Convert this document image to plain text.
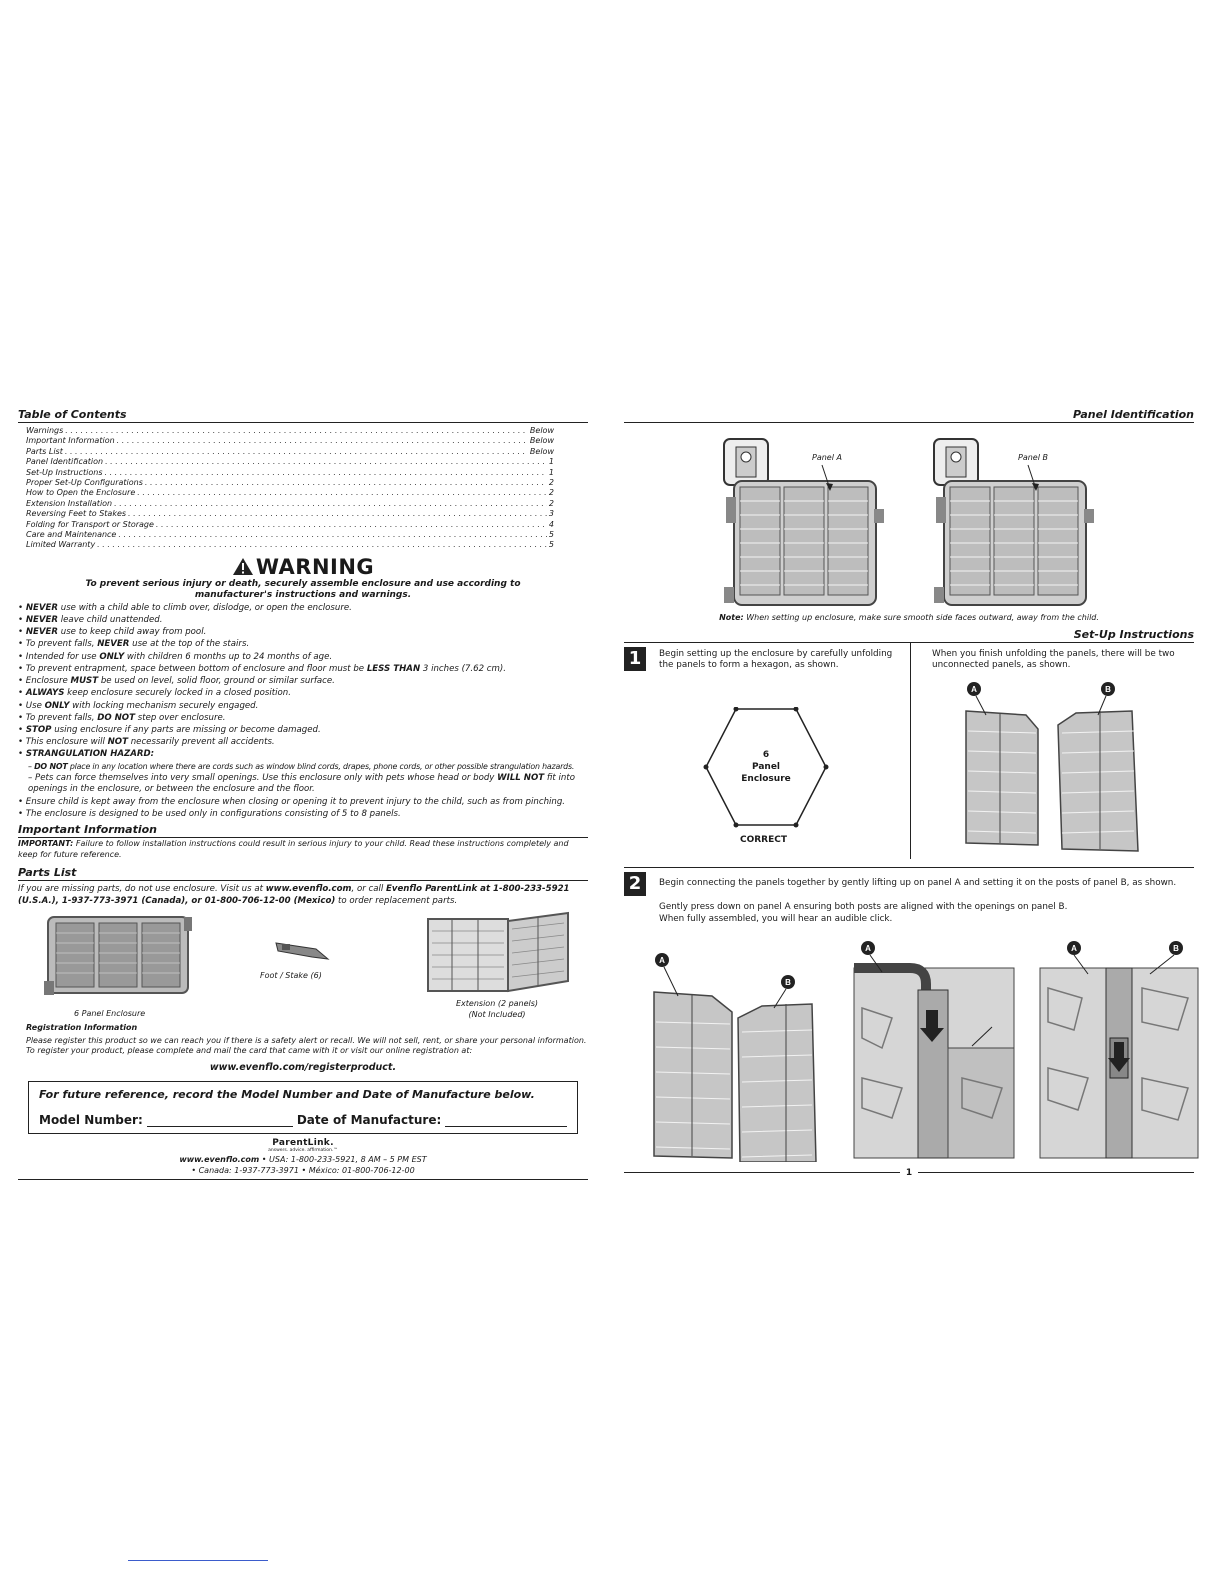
Table of Contents
Warnings . . .	Below
Important Information . . .	Below
Parts List . . .	Below
Panel Identification . . .	1
Set-Up Instructions . . .	1
Proper Set-Up Configurations . . .	2
How to Open the Enclosure . . .	2
Extension Installation . . .	2
Reversing Feet to Stakes . . .	3
Folding for Transport or Storage . . .	4
Care and Maintenance . . .	5
Limited Warranty . . .	5
WARNING
To prevent serious injury or death, securely assemble enclosure and use according to manufacturer's instructions and warnings.
• NEVER use with a child able to climb over, dislodge, or open the enclosure.
• NEVER leave child unattended.
• NEVER use to keep child away from pool.
• To prevent falls, NEVER use at the top of the stairs.
• Intended for use ONLY with children 6 months up to 24 months of age.
• To prevent entrapment, space between bottom of enclosure and floor must be LESS THAN 3 inches (7.62 cm).
• Enclosure MUST be used on level, solid floor, ground or similar surface.
• ALWAYS keep enclosure securely locked in a closed position.
• Use ONLY with locking mechanism securely engaged.
• To prevent falls, DO NOT step over enclosure.
• STOP using enclosure if any parts are missing or become damaged.
• This enclosure will NOT necessarily prevent all accidents.
• STRANGULATION HAZARD:
– DO NOT place in any location where there are cords such as window blind cords, drapes, phone cords, or other possible strangulation hazards.
– Pets can force themselves into very small openings. Use this enclosure only with pets whose head or body WILL NOT fit into openings in the enclosure, or between the enclosure and the floor.
• Ensure child is kept away from the enclosure when closing or opening it to prevent injury to the child, such as from pinching.
• The enclosure is designed to be used only in configurations consisting of 5 to 8 panels.
Important Information
IMPORTANT: Failure to follow installation instructions could result in serious injury to your child. Read these instructions completely and keep for future reference.
Parts List
If you are missing parts, do not use enclosure. Visit us at www.evenflo.com, or call Evenflo ParentLink at 1-800-233-5921 (U.S.A.), 1-937-773-3971 (Canada), or 01-800-706-12-00 (Mexico) to order replacement parts.
6 Panel Enclosure
Foot / Stake (6)
Extension (2 panels)
(Not Included)
Registration Information
Please register this product so we can reach you if there is a safety alert or recall. We will not sell, rent, or share your personal information. To register your product, please complete and mail the card that came with it or visit our online registration at:
www.evenflo.com/registerproduct.
For future reference, record the Model Number and Date of Manufacture below.
Model Number:	Date of Manufacture:
ParentLink.
answers. advice. affirmation.™
www.evenflo.com • USA: 1-800-233-5921, 8 AM – 5 PM EST
• Canada: 1-937-773-3971 • México: 01-800-706-12-00
Panel Identification
Panel A	Panel B
Note: When setting up enclosure, make sure smooth side faces outward, away from the child.
Set-Up Instructions
1	Begin setting up the enclosure by carefully unfolding the panels to form a hexagon, as shown.
6
Panel Enclosure
CORRECT
When you finish unfolding the panels, there will be two unconnected panels, as shown.
A	B
2	Begin connecting the panels together by gently lifting up on panel A and setting it on the posts of panel B, as shown.
Gently press down on panel A ensuring both posts are aligned with the openings on panel B.
When fully assembled, you will hear an audible click.
A
B
A	A	B
1
